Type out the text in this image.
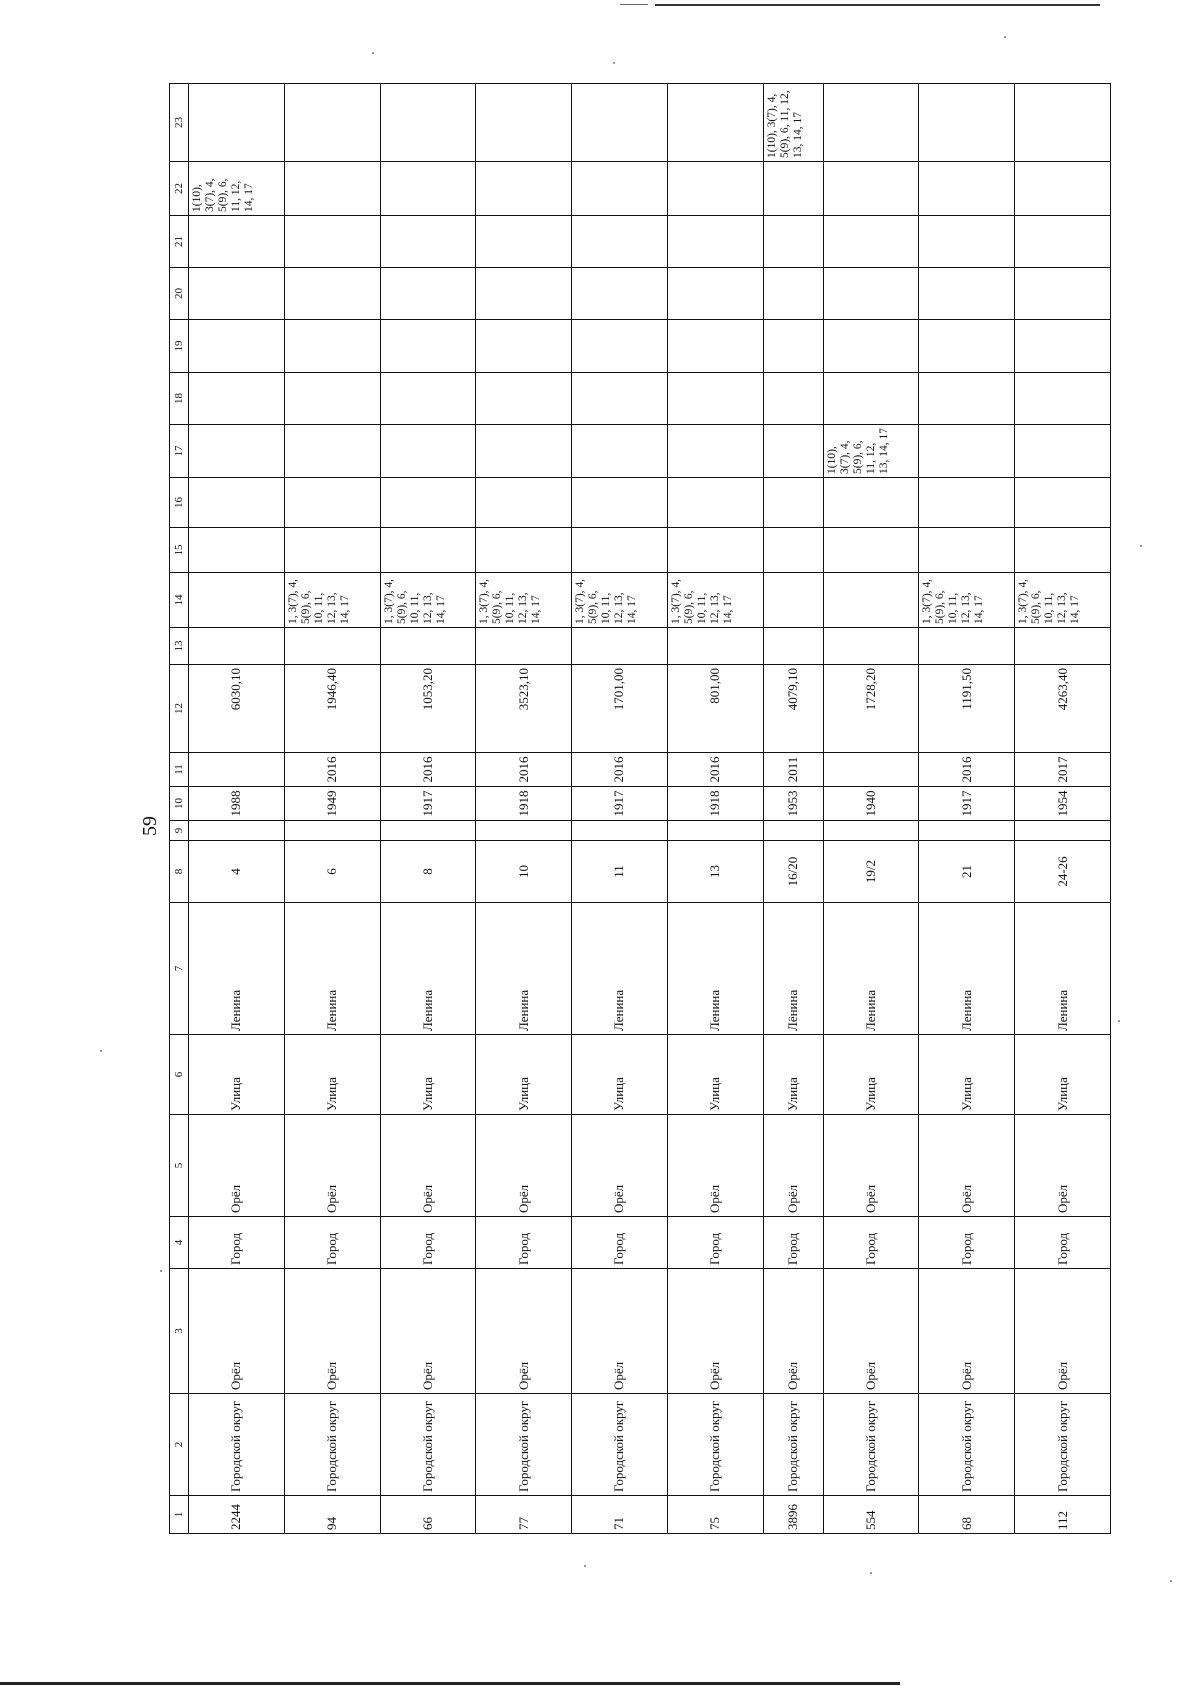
59
1	2	3	4	5	6	7	8	9	10	11	12	13	14	15	16	17	18	19	20	21	22	23
2244	Городской округ	Орёл	Город	Орёл	Улица	Ленина	4		1988		6030,10										1(10), 3(7), 4, 5(9), 6, 11, 12, 14, 17	
94	Городской округ	Орёл	Город	Орёл	Улица	Ленина	6		1949	2016	1946,40		1, 3(7), 4, 5(9), 6, 10, 11, 12, 13, 14, 17									
66	Городской округ	Орёл	Город	Орёл	Улица	Ленина	8		1917	2016	1053,20		1, 3(7), 4, 5(9), 6, 10, 11, 12, 13, 14, 17									
77	Городской округ	Орёл	Город	Орёл	Улица	Ленина	10		1918	2016	3523,10		1, 3(7), 4, 5(9), 6, 10, 11, 12, 13, 14, 17									
71	Городской округ	Орёл	Город	Орёл	Улица	Ленина	11		1917	2016	1701,00		1, 3(7), 4, 5(9), 6, 10, 11, 12, 13, 14, 17									
75	Городской округ	Орёл	Город	Орёл	Улица	Ленина	13		1918	2016	801,00		1, 3(7), 4, 5(9), 6, 10, 11, 12, 13, 14, 17									
3896	Городской округ	Орёл	Город	Орёл	Улица	Лёнина	16/20		1953	2011	4079,10											1(10), 3(7), 4, 5(9), 6, 11, 12, 13, 14, 17
554	Городской округ	Орёл	Город	Орёл	Улица	Ленина	19/2		1940		1728,20					1(10), 3(7), 4, 5(9), 6, 11, 12, 13, 14, 17						
68	Городской округ	Орёл	Город	Орёл	Улица	Ленина	21		1917	2016	1191,50		1, 3(7), 4, 5(9), 6, 10, 11, 12, 13, 14, 17									
112	Городской округ	Орёл	Город	Орёл	Улица	Ленина	24-26		1954	2017	4263,40		1, 3(7), 4, 5(9), 6, 10, 11, 12, 13, 14, 17									
